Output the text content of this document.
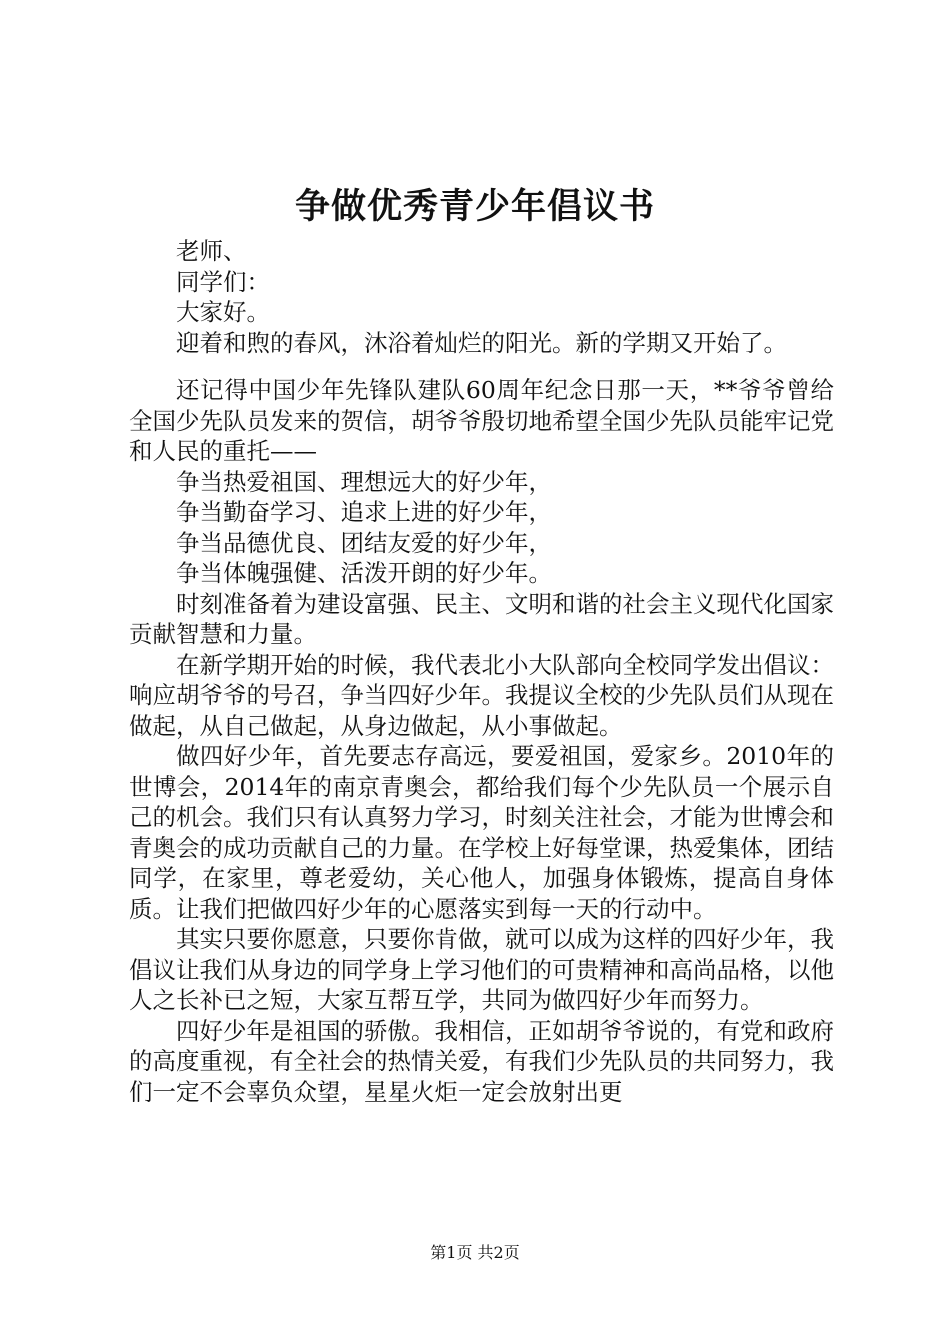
争做优秀青少年倡议书

老师、

同学们：

大家好。

迎着和煦的春风，沐浴着灿烂的阳光。新的学期又开始了。

还记得中国少年先锋队建队60周年纪念日那一天，**爷爷曾给全国少先队员发来的贺信，胡爷爷殷切地希望全国少先队员能牢记党和人民的重托——

争当热爱祖国、理想远大的好少年，

争当勤奋学习、追求上进的好少年，

争当品德优良、团结友爱的好少年，

争当体魄强健、活泼开朗的好少年。

时刻准备着为建设富强、民主、文明和谐的社会主义现代化国家贡献智慧和力量。

在新学期开始的时候，我代表北小大队部向全校同学发出倡议：响应胡爷爷的号召，争当四好少年。我提议全校的少先队员们从现在做起，从自己做起，从身边做起，从小事做起。

做四好少年，首先要志存高远，要爱祖国，爱家乡。2010年的世博会，2014年的南京青奥会，都给我们每个少先队员一个展示自己的机会。我们只有认真努力学习，时刻关注社会，才能为世博会和青奥会的成功贡献自己的力量。在学校上好每堂课，热爱集体，团结同学，在家里，尊老爱幼，关心他人，加强身体锻炼，提高自身体质。让我们把做四好少年的心愿落实到每一天的行动中。

其实只要你愿意，只要你肯做，就可以成为这样的四好少年，我倡议让我们从身边的同学身上学习他们的可贵精神和高尚品格，以他人之长补已之短，大家互帮互学，共同为做四好少年而努力。

四好少年是祖国的骄傲。我相信，正如胡爷爷说的，有党和政府的高度重视，有全社会的热情关爱，有我们少先队员的共同努力，我们一定不会辜负众望，星星火炬一定会放射出更

第1页 共2页
